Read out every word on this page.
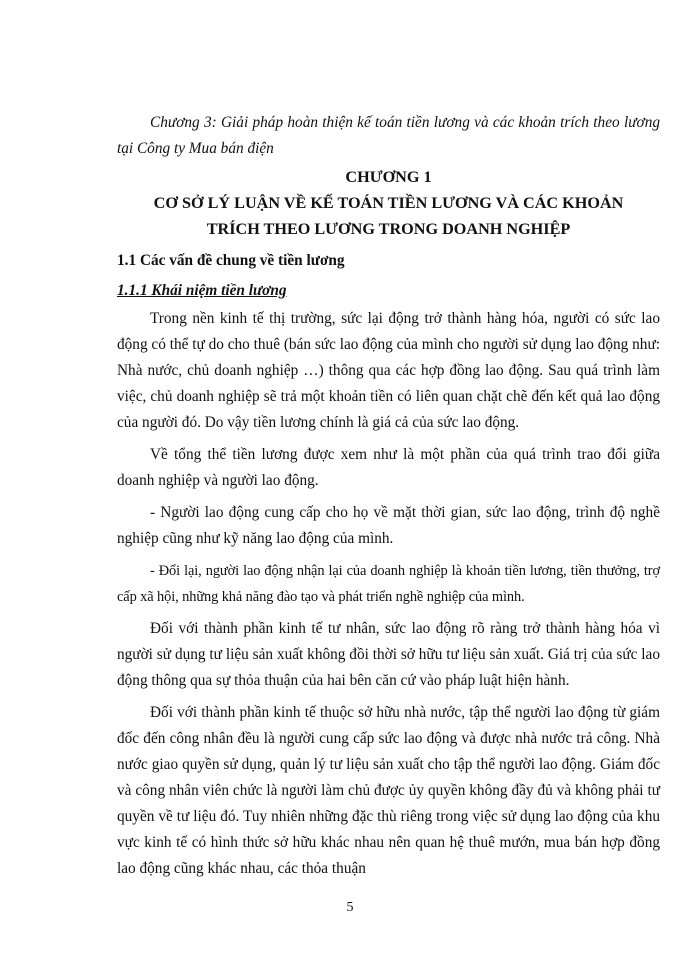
Chương 3: Giải pháp hoàn thiện kế toán tiền lương và các khoản trích theo lương tại Công ty Mua bán điện

CHƯƠNG 1

CƠ SỞ LÝ LUẬN VỀ KẾ TOÁN TIỀN LƯƠNG VÀ CÁC KHOẢN
TRÍCH THEO LƯƠNG TRONG DOANH NGHIỆP

1.1 Các vấn đề chung về tiền lương

1.1.1 Khái niệm tiền lương

Trong nền kinh tế thị trường, sức lại động trở thành hàng hóa, người có sức lao động có thể tự do cho thuê (bán sức lao động của mình cho người sử dụng lao động như: Nhà nước, chủ doanh nghiệp …) thông qua các hợp đồng lao động. Sau quá trình làm việc, chủ doanh nghiệp sẽ trả một khoản tiền có liên quan chặt chẽ đến kết quả lao động của người đó. Do vậy tiền lương chính là giá cả của sức lao động.

Về tổng thể tiền lương được xem như là một phần của quá trình trao đổi giữa doanh nghiệp và người lao động.

- Người lao động cung cấp cho họ về mặt thời gian, sức lao động, trình độ nghề nghiệp cũng như kỹ năng lao động của mình.

- Đổi lại, người lao động nhận lại của doanh nghiệp là khoản tiền lương, tiền thưởng, trợ cấp xã hội, những khả năng đào tạo và phát triển nghề nghiệp của mình.

Đối với thành phần kinh tế tư nhân, sức lao động rõ ràng trở thành hàng hóa vì người sử dụng tư liệu sản xuất không đồi thời sở hữu tư liệu sản xuất. Giá trị của sức lao động thông qua sự thỏa thuận của hai bên căn cứ vào pháp luật hiện hành.

Đối với thành phần kinh tế thuộc sở hữu nhà nước, tập thể người lao động từ giám đốc đến công nhân đều là người cung cấp sức lao động và được nhà nước trả công. Nhà nước giao quyền sử dụng, quản lý tư liệu sản xuất cho tập thể người lao động. Giám đốc và công nhân viên chức là người làm chủ được ủy quyền không đầy đủ và không phải tư quyền về tư liệu đó. Tuy nhiên những đặc thù riêng trong việc sử dụng lao động của khu vực kinh tế có hình thức sở hữu khác nhau nên quan hệ thuê mướn, mua bán hợp đồng lao động cũng khác nhau, các thỏa thuận

5
